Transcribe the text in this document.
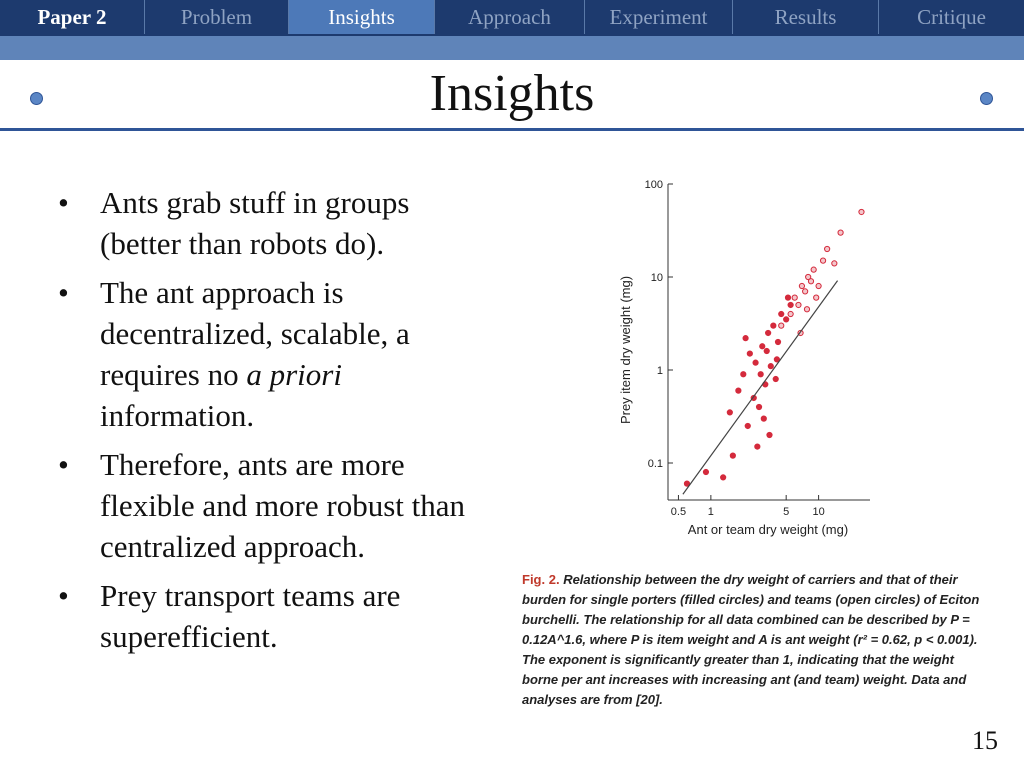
Paper 2	Problem	Insights	Approach	Experiment	Results	Critique
Insights
• Ants grab stuff in groups (better than robots do).
• The ant approach is decentralized, scalable, a requires no a priori information.
• Therefore, ants are more flexible and more robust than centralized approach.
• Prey transport teams are superefficient.
0.1
1
10
100
0.5 1	5 10
Ant or team dry weight (mg)
Prey item dry weight (mg)
Fig. 2. Relationship between the dry weight of carriers and that of their burden for single porters (filled circles) and teams (open circles) of Eciton burchelli. The relationship for all data combined can be described by P = 0.12A^1.6, where P is item weight and A is ant weight (r² = 0.62, p < 0.001). The exponent is significantly greater than 1, indicating that the weight borne per ant increases with increasing ant (and team) weight. Data and analyses are from [20].
15
